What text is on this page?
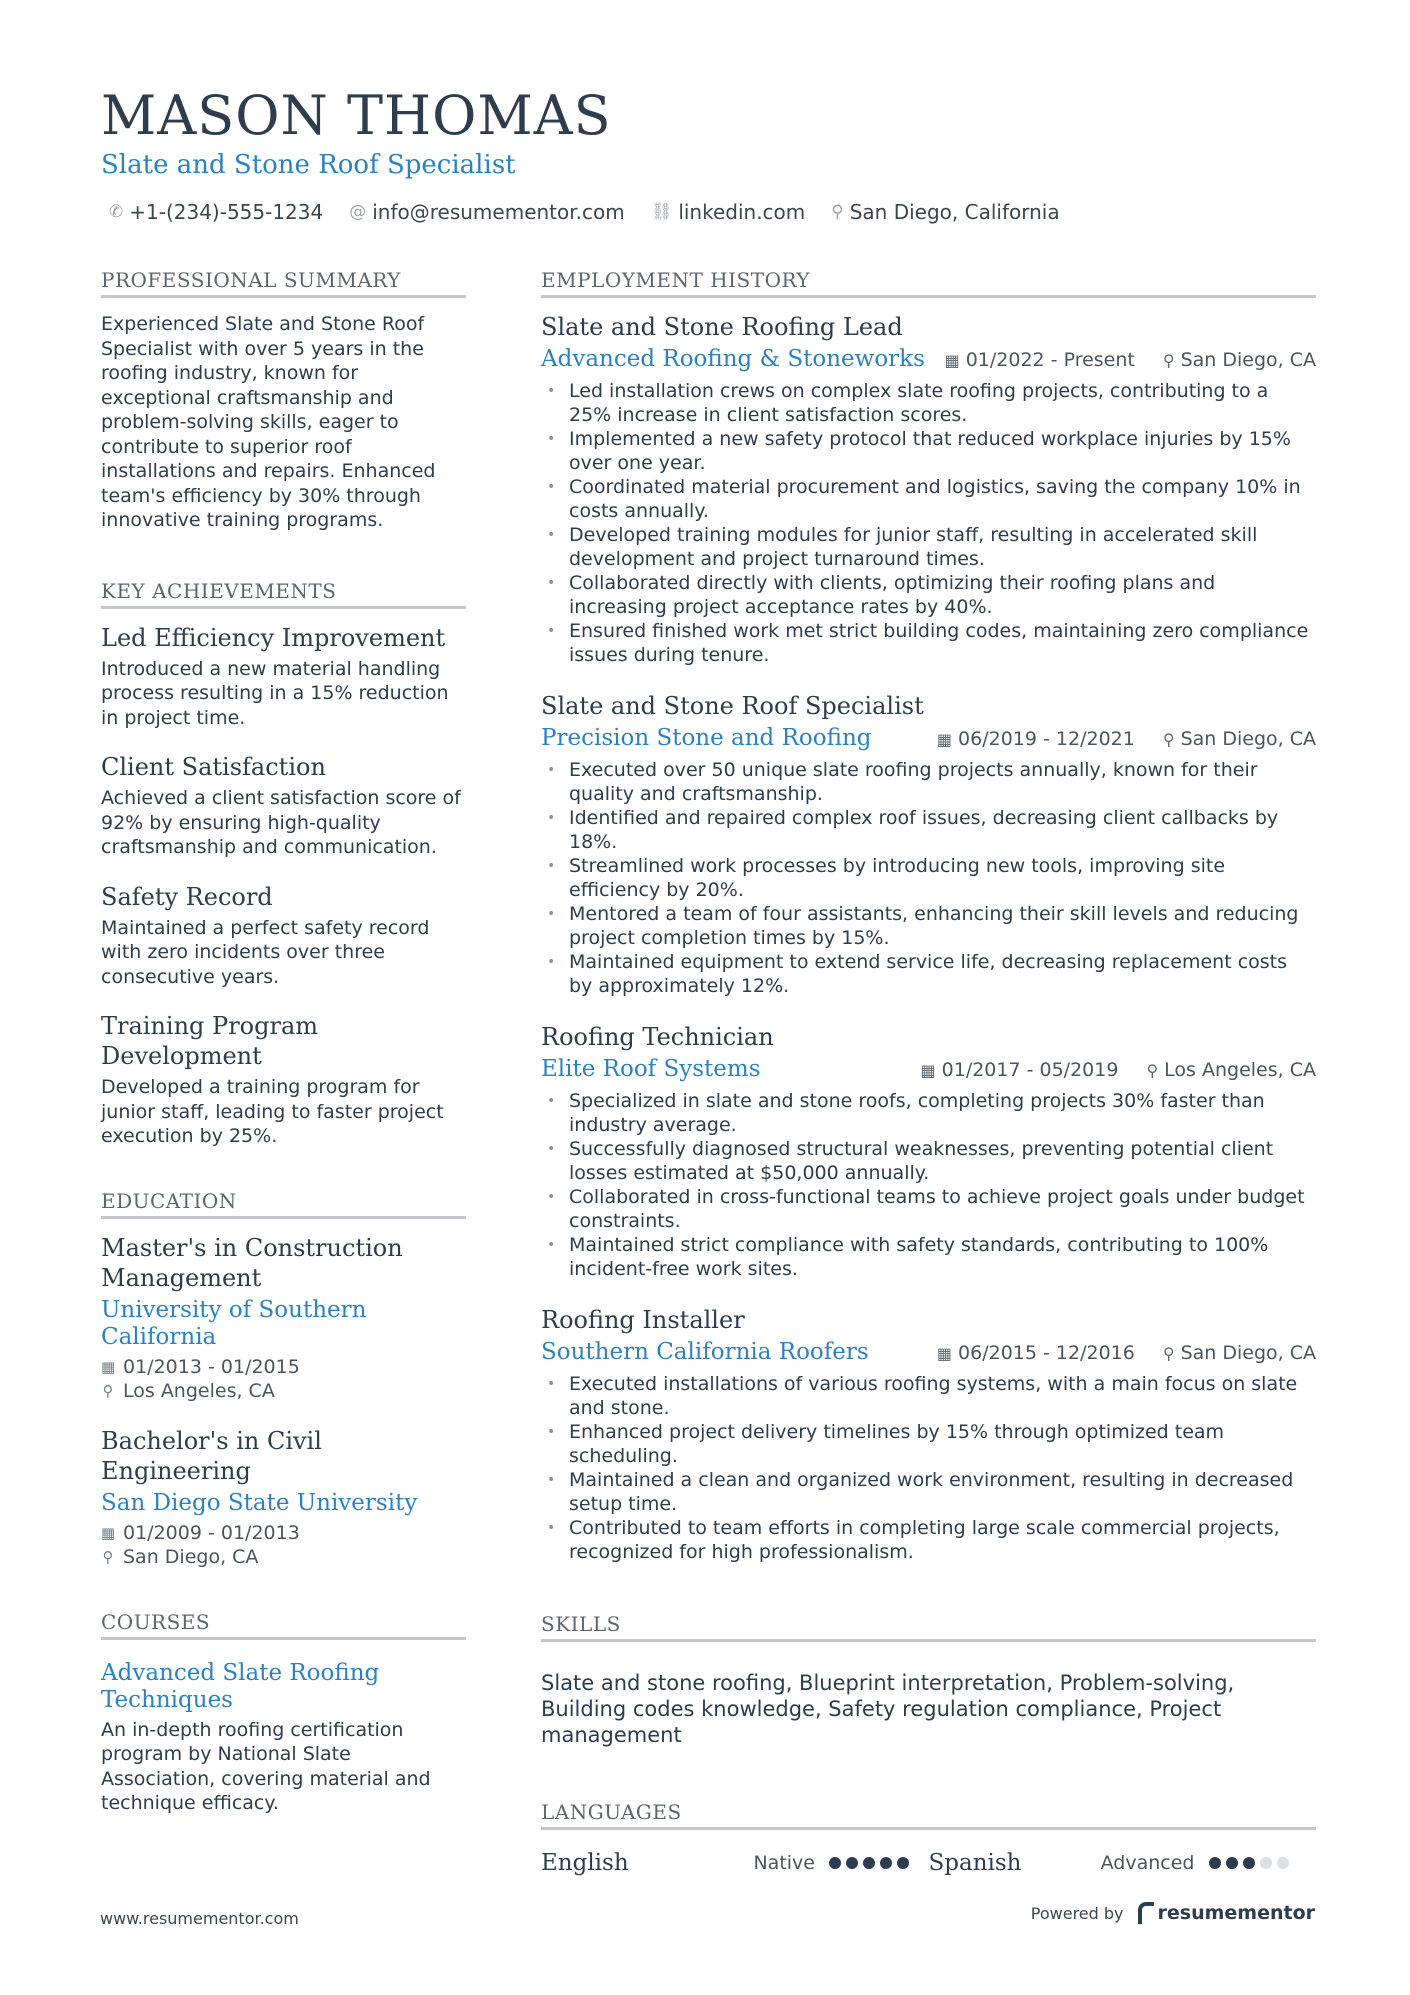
MASON THOMAS
Slate and Stone Roof Specialist
✆ +1-(234)-555-1234 @ info@resumementor.com ⛓ linkedin.com ⚲ San Diego, California
PROFESSIONAL SUMMARY
Experienced Slate and Stone Roof Specialist with over 5 years in the roofing industry, known for exceptional craftsmanship and problem-solving skills, eager to contribute to superior roof installations and repairs. Enhanced team's efficiency by 30% through innovative training programs.
KEY ACHIEVEMENTS
Led Efficiency Improvement
Introduced a new material handling process resulting in a 15% reduction in project time.
Client Satisfaction
Achieved a client satisfaction score of 92% by ensuring high-quality craftsmanship and communication.
Safety Record
Maintained a perfect safety record with zero incidents over three consecutive years.
Training Program Development
Developed a training program for junior staff, leading to faster project execution by 25%.
EDUCATION
Master's in Construction Management
University of Southern California
▦ 01/2013 - 01/2015
⚲ Los Angeles, CA
Bachelor's in Civil Engineering
San Diego State University
▦ 01/2009 - 01/2013
⚲ San Diego, CA
COURSES
Advanced Slate Roofing Techniques
An in-depth roofing certification program by National Slate Association, covering material and technique efficacy.
EMPLOYMENT HISTORY
Slate and Stone Roofing Lead
Advanced Roofing & Stoneworks ▦ 01/2022 - Present ⚲ San Diego, CA
• Led installation crews on complex slate roofing projects, contributing to a 25% increase in client satisfaction scores.
• Implemented a new safety protocol that reduced workplace injuries by 15% over one year.
• Coordinated material procurement and logistics, saving the company 10% in costs annually.
• Developed training modules for junior staff, resulting in accelerated skill development and project turnaround times.
• Collaborated directly with clients, optimizing their roofing plans and increasing project acceptance rates by 40%.
• Ensured finished work met strict building codes, maintaining zero compliance issues during tenure.
Slate and Stone Roof Specialist
Precision Stone and Roofing	▦ 06/2019 - 12/2021 ⚲ San Diego, CA
• Executed over 50 unique slate roofing projects annually, known for their quality and craftsmanship.
• Identified and repaired complex roof issues, decreasing client callbacks by 18%.
• Streamlined work processes by introducing new tools, improving site efficiency by 20%.
• Mentored a team of four assistants, enhancing their skill levels and reducing project completion times by 15%.
• Maintained equipment to extend service life, decreasing replacement costs by approximately 12%.
Roofing Technician
Elite Roof Systems	▦ 01/2017 - 05/2019 ⚲ Los Angeles, CA
• Specialized in slate and stone roofs, completing projects 30% faster than industry average.
• Successfully diagnosed structural weaknesses, preventing potential client losses estimated at $50,000 annually.
• Collaborated in cross-functional teams to achieve project goals under budget constraints.
• Maintained strict compliance with safety standards, contributing to 100% incident-free work sites.
Roofing Installer
Southern California Roofers	▦ 06/2015 - 12/2016 ⚲ San Diego, CA
• Executed installations of various roofing systems, with a main focus on slate and stone.
• Enhanced project delivery timelines by 15% through optimized team scheduling.
• Maintained a clean and organized work environment, resulting in decreased setup time.
• Contributed to team efforts in completing large scale commercial projects, recognized for high professionalism.
SKILLS
Slate and stone roofing, Blueprint interpretation, Problem-solving, Building codes knowledge, Safety regulation compliance, Project management
LANGUAGES
English	Native	Spanish	Advanced
www.resumementor.com	Powered by resumementor
